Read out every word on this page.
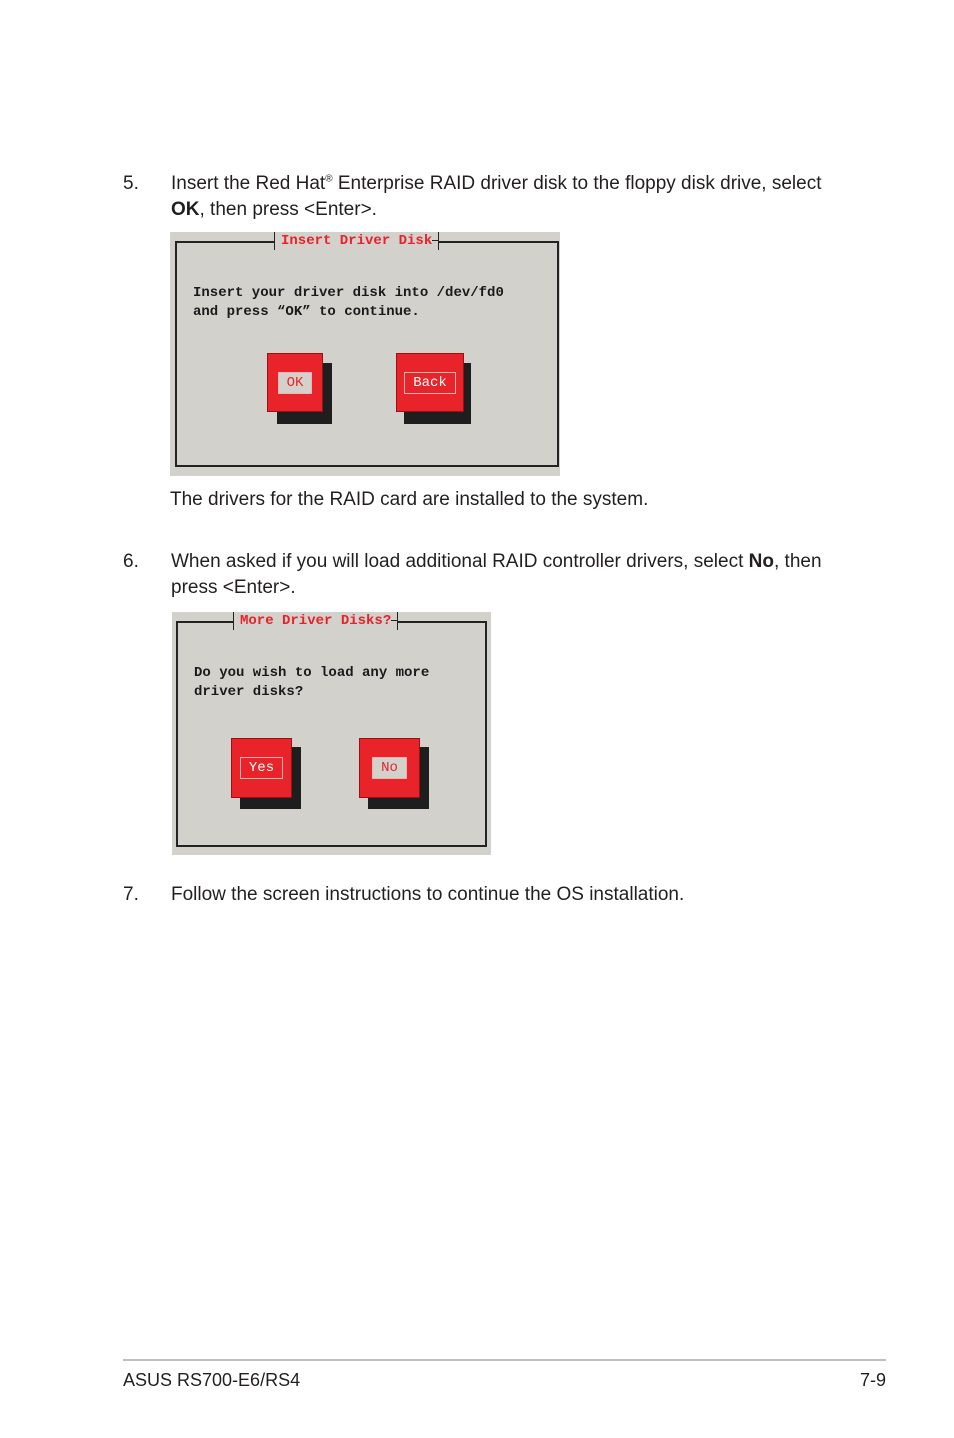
5. Insert the Red Hat® Enterprise RAID driver disk to the floppy disk drive, select
OK, then press <Enter>.
Insert Driver Disk
Insert your driver disk into /dev/fd0
and press “OK” to continue.
OK	Back
The drivers for the RAID card are installed to the system.
6. When asked if you will load additional RAID controller drivers, select No, then
press <Enter>.
More Driver Disks?
Do you wish to load any more
driver disks?
Yes	No
7. Follow the screen instructions to continue the OS installation.
ASUS RS700-E6/RS4	7-9
